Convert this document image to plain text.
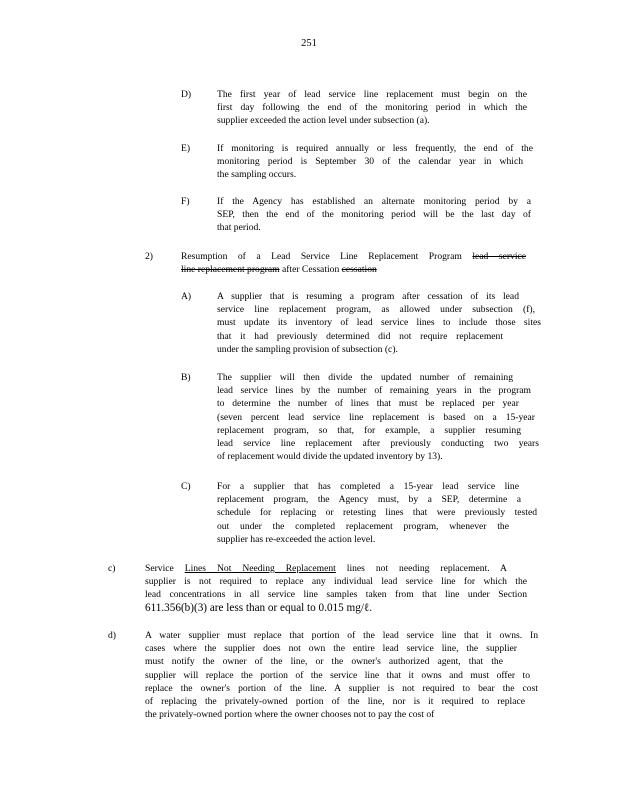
251
D)	The first year of lead service line replacement must begin on the
first day following the end of the monitoring period in which the
supplier exceeded the action level under subsection (a).
E)	If monitoring is required annually or less frequently, the end of the
monitoring period is September 30 of the calendar year in which
the sampling occurs.
F)	If the Agency has established an alternate monitoring period by a
SEP, then the end of the monitoring period will be the last day of
that period.
2)	Resumption of a Lead Service Line Replacement Program lead service
line replacement program after Cessation cessation
A)	A supplier that is resuming a program after cessation of its lead
service line replacement program, as allowed under subsection (f),
must update its inventory of lead service lines to include those sites
that it had previously determined did not require replacement
under the sampling provision of subsection (c).
B)	The supplier will then divide the updated number of remaining
lead service lines by the number of remaining years in the program
to determine the number of lines that must be replaced per year
(seven percent lead service line replacement is based on a 15-year
replacement program, so that, for example, a supplier resuming
lead service line replacement after previously conducting two years
of replacement would divide the updated inventory by 13).
C)	For a supplier that has completed a 15-year lead service line
replacement program, the Agency must, by a SEP, determine a
schedule for replacing or retesting lines that were previously tested
out under the completed replacement program, whenever the
supplier has re-exceeded the action level.
c)	Service Lines Not Needing Replacement lines not needing replacement. A
supplier is not required to replace any individual lead service line for which the
lead concentrations in all service line samples taken from that line under Section
611.356(b)(3) are less than or equal to 0.015 mg/ℓ.
d)	A water supplier must replace that portion of the lead service line that it owns. In
cases where the supplier does not own the entire lead service line, the supplier
must notify the owner of the line, or the owner's authorized agent, that the
supplier will replace the portion of the service line that it owns and must offer to
replace the owner's portion of the line. A supplier is not required to bear the cost
of replacing the privately-owned portion of the line, nor is it required to replace
the privately-owned portion where the owner chooses not to pay the cost of
